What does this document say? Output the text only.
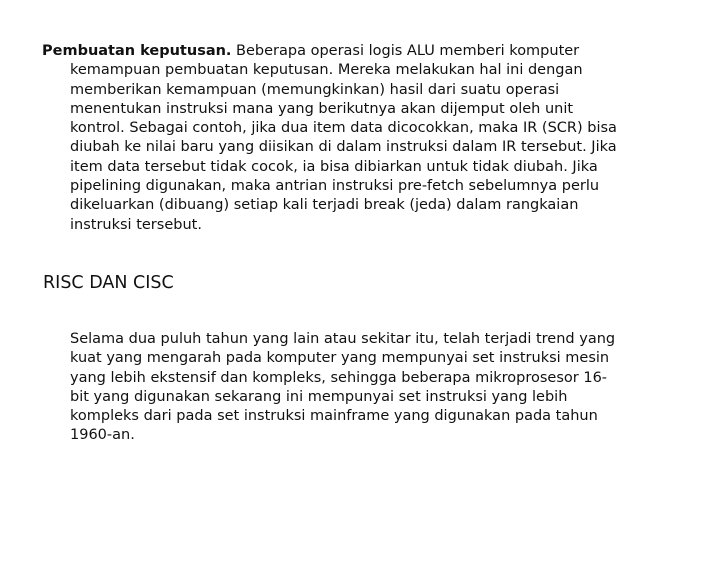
Pembuatan keputusan. Beberapa operasi logis ALU memberi komputer
kemampuan pembuatan keputusan. Mereka melakukan hal ini dengan
memberikan kemampuan (memungkinkan) hasil dari suatu operasi
menentukan instruksi mana yang berikutnya akan dijemput oleh unit
kontrol. Sebagai contoh, jika dua item data dicocokkan, maka IR (SCR) bisa
diubah ke nilai baru yang diisikan di dalam instruksi dalam IR tersebut. Jika
item data tersebut tidak cocok, ia bisa dibiarkan untuk tidak diubah. Jika
pipelining digunakan, maka antrian instruksi pre-fetch sebelumnya perlu
dikeluarkan (dibuang) setiap kali terjadi break (jeda) dalam rangkaian
instruksi tersebut.
RISC DAN CISC
Selama dua puluh tahun yang lain atau sekitar itu, telah terjadi trend yang
kuat yang mengarah pada komputer yang mempunyai set instruksi mesin
yang lebih ekstensif dan kompleks, sehingga beberapa mikroprosesor 16-
bit yang digunakan sekarang ini mempunyai set instruksi yang lebih
kompleks dari pada set instruksi mainframe yang digunakan pada tahun
1960-an.
